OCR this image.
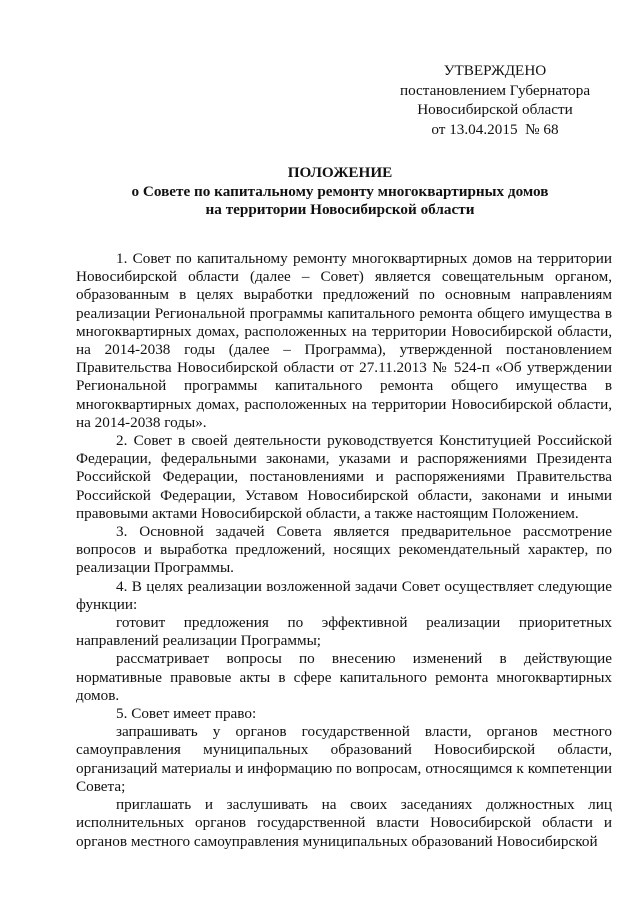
УТВЕРЖДЕНО
постановлением Губернатора
Новосибирской области
от 13.04.2015  № 68
ПОЛОЖЕНИЕ
о Совете по капитальному ремонту многоквартирных домов
на территории Новосибирской области

1. Совет по капитальному ремонту многоквартирных домов на территории Новосибирской области (далее – Совет) является совещательным органом, образованным в целях выработки предложений по основным направлениям реализации Региональной программы капитального ремонта общего имущества в многоквартирных домах, расположенных на территории Новосибирской области, на 2014-2038 годы (далее – Программа), утвержденной постановлением Правительства Новосибирской области от 27.11.2013 № 524-п «Об утверждении Региональной программы капитального ремонта общего имущества в многоквартирных домах, расположенных на территории Новосибирской области, на 2014-2038 годы».

2. Совет в своей деятельности руководствуется Конституцией Российской Федерации, федеральными законами, указами и распоряжениями Президента Российской Федерации, постановлениями и распоряжениями Правительства Российской Федерации, Уставом Новосибирской области, законами и иными правовыми актами Новосибирской области, а также настоящим Положением.

3. Основной задачей Совета является предварительное рассмотрение вопросов и выработка предложений, носящих рекомендательный характер, по реализации Программы.

4. В целях реализации возложенной задачи Совет осуществляет следующие функции:

готовит предложения по эффективной реализации приоритетных направлений реализации Программы;

рассматривает вопросы по внесению изменений в действующие нормативные правовые акты в сфере капитального ремонта многоквартирных домов.

5. Совет имеет право:

запрашивать у органов государственной власти, органов местного самоуправления муниципальных образований Новосибирской области, организаций материалы и информацию по вопросам, относящимся к компетенции Совета;

приглашать и заслушивать на своих заседаниях должностных лиц исполнительных органов государственной власти Новосибирской области и органов местного самоуправления муниципальных образований Новосибирской
